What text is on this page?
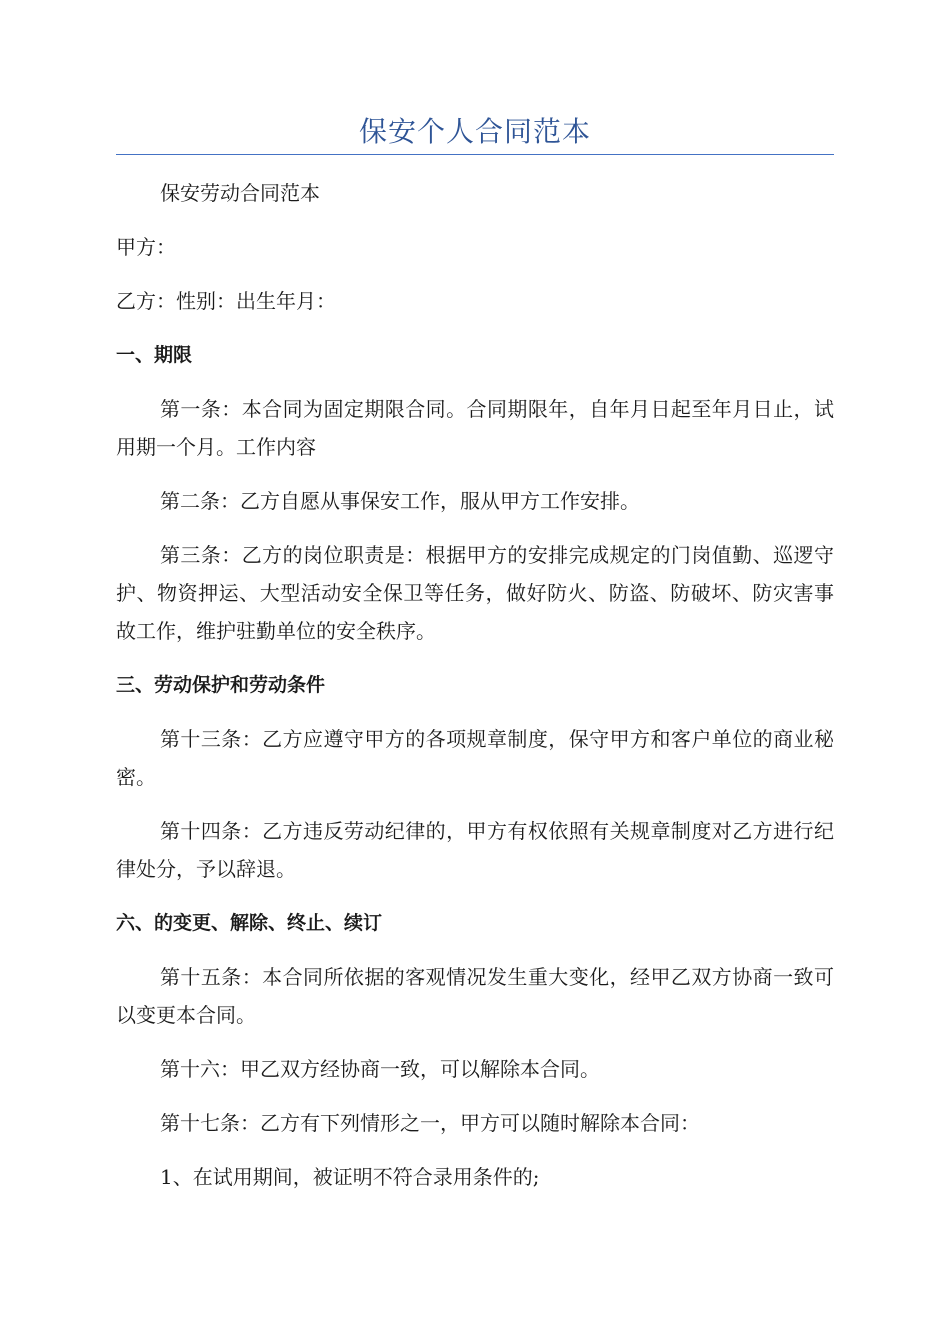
保安个人合同范本

保安劳动合同范本

甲方：

乙方：性别：出生年月：

一、期限

第一条：本合同为固定期限合同。合同期限年，自年月日起至年月日止，试用期一个月。工作内容

第二条：乙方自愿从事保安工作，服从甲方工作安排。

第三条：乙方的岗位职责是：根据甲方的安排完成规定的门岗值勤、巡逻守护、物资押运、大型活动安全保卫等任务，做好防火、防盗、防破坏、防灾害事故工作，维护驻勤单位的安全秩序。

三、劳动保护和劳动条件

第十三条：乙方应遵守甲方的各项规章制度，保守甲方和客户单位的商业秘密。

第十四条：乙方违反劳动纪律的，甲方有权依照有关规章制度对乙方进行纪律处分，予以辞退。

六、的变更、解除、终止、续订

第十五条：本合同所依据的客观情况发生重大变化，经甲乙双方协商一致可以变更本合同。

第十六：甲乙双方经协商一致，可以解除本合同。

第十七条：乙方有下列情形之一，甲方可以随时解除本合同：

1、在试用期间，被证明不符合录用条件的;
